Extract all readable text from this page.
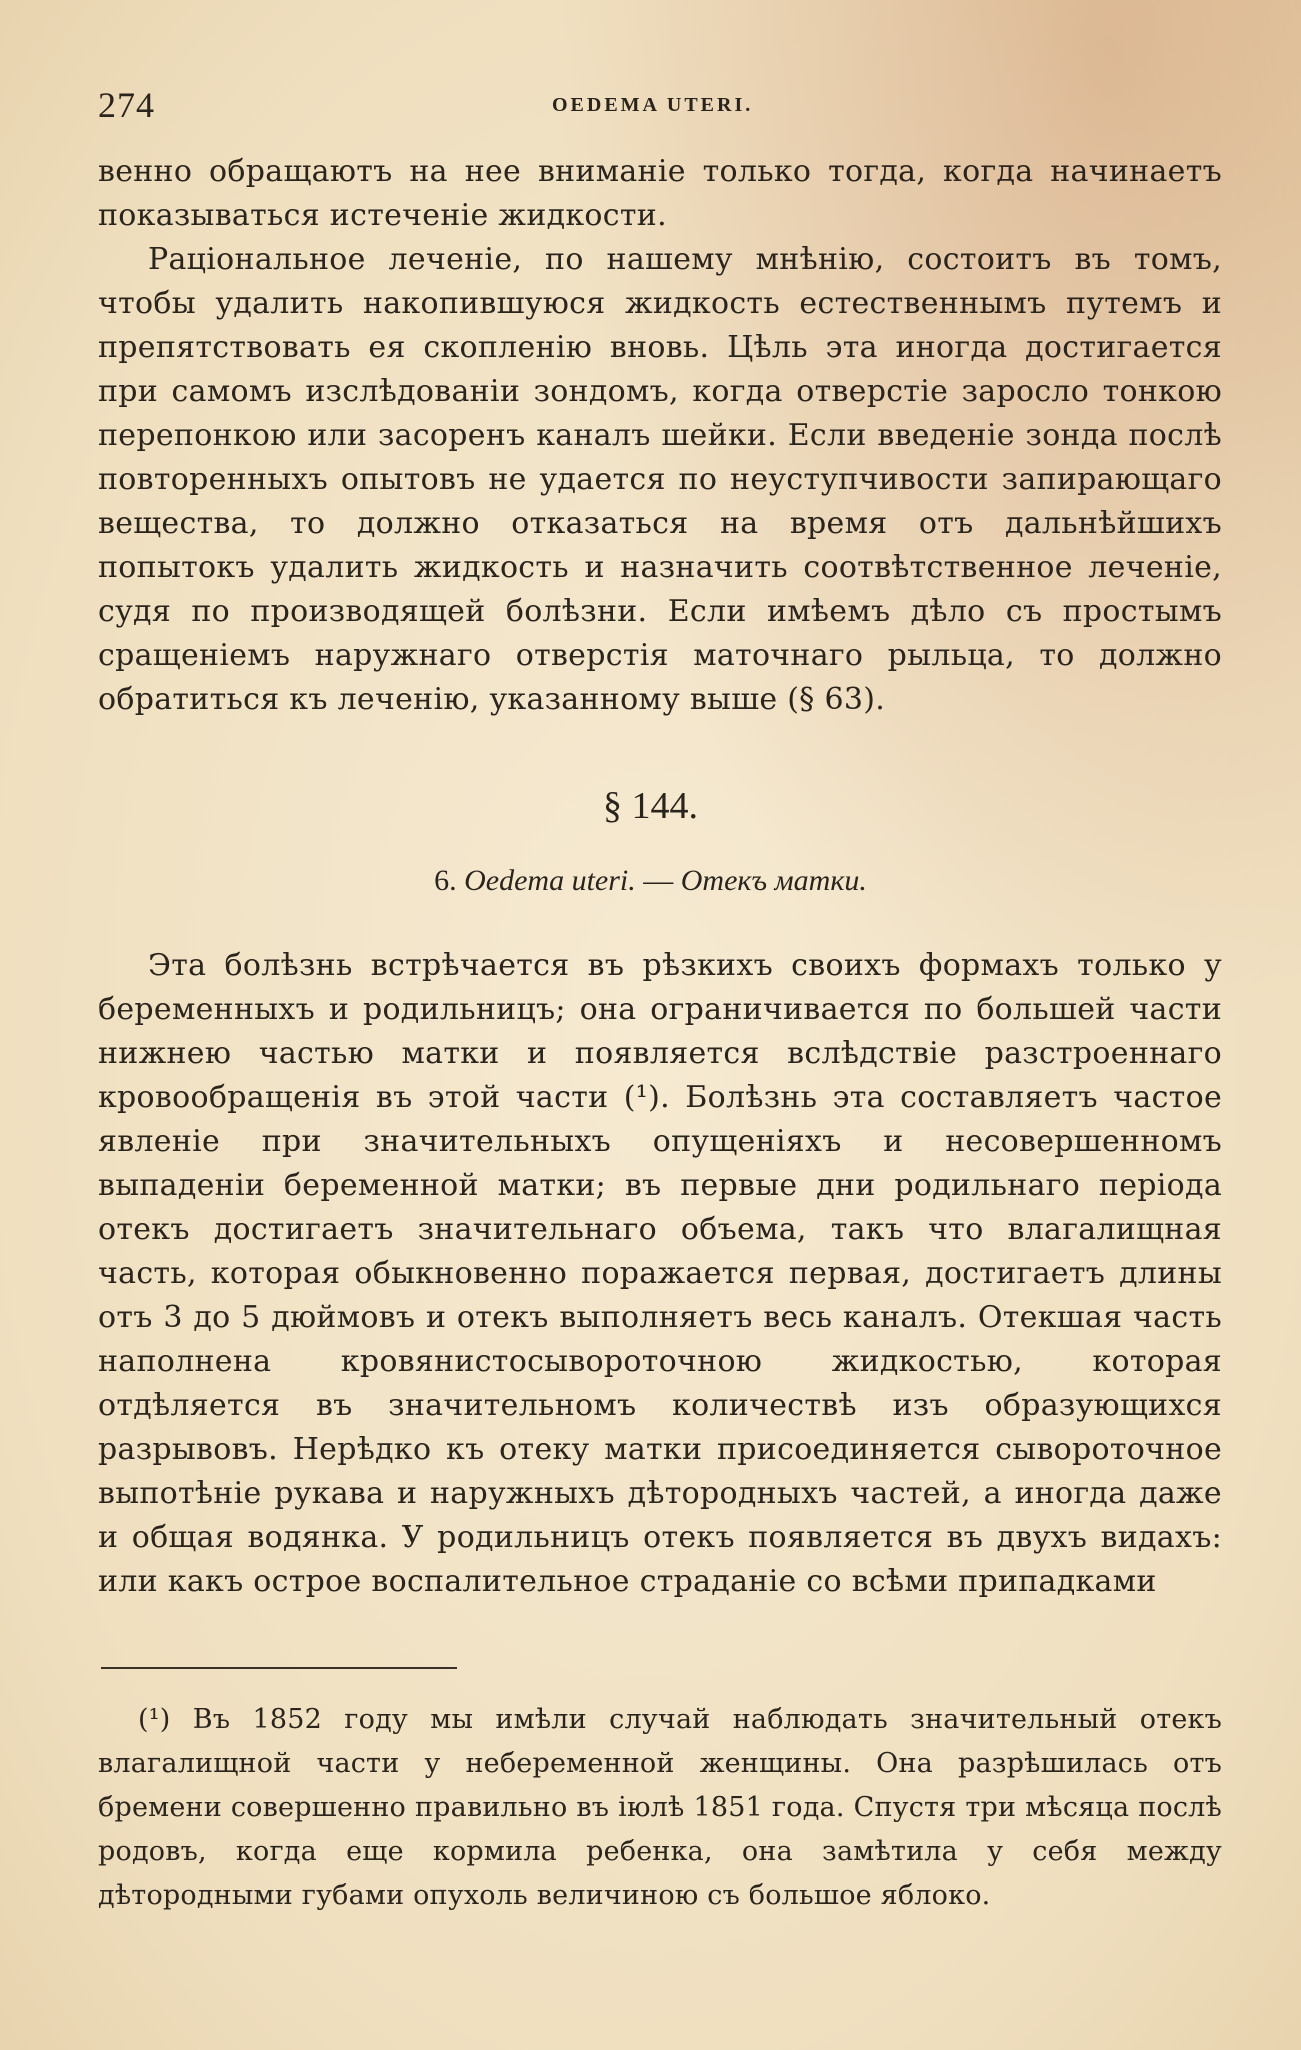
274	OEDEMA UTERI.

венно обращаютъ на нее вниманіе только тогда, когда начинаетъ показываться истеченіе жидкости.

Раціональное леченіе, по нашему мнѣнію, состоитъ въ томъ, чтобы удалить накопившуюся жидкость естественнымъ путемъ и препятствовать ея скопленію вновь. Цѣль эта иногда достигается при самомъ изслѣдованіи зондомъ, когда отверстіе заросло тонкою перепонкою или засоренъ каналъ шейки. Если введеніе зонда послѣ повторенныхъ опытовъ не удается по неуступчивости запирающаго вещества, то должно отказаться на время отъ дальнѣйшихъ попытокъ удалить жидкость и назначить соотвѣтственное леченіе, судя по производящей болѣзни. Если имѣемъ дѣло съ простымъ сращеніемъ наружнаго отверстія маточнаго рыльца, то должно обратиться къ леченію, указанному выше (§ 63).

§ 144.
6. Oedema uteri. — Отекъ матки.

Эта болѣзнь встрѣчается въ рѣзкихъ своихъ формахъ только у беременныхъ и родильницъ; она ограничивается по большей части нижнею частью матки и появляется вслѣдствіе разстроеннаго кровообращенія въ этой части (¹). Болѣзнь эта составляетъ частое явленіе при значительныхъ опущеніяхъ и несовершенномъ выпаденіи беременной матки; въ первые дни родильнаго періода отекъ достигаетъ значительнаго объема, такъ что влагалищная часть, которая обыкновенно поражается первая, достигаетъ длины отъ 3 до 5 дюймовъ и отекъ выполняетъ весь каналъ. Отекшая часть наполнена кровянистосывороточною жидкостью, которая отдѣляется въ значительномъ количествѣ изъ образующихся разрывовъ. Нерѣдко къ отеку матки присоединяется сывороточное выпотѣніе рукава и наружныхъ дѣтородныхъ частей, а иногда даже и общая водянка. У родильницъ отекъ появляется въ двухъ видахъ: или какъ острое воспалительное страданіе со всѣми припадками

(¹) Въ 1852 году мы имѣли случай наблюдать значительный отекъ влагалищной части у небеременной женщины. Она разрѣшилась отъ бремени совершенно правильно въ іюлѣ 1851 года. Спустя три мѣсяца послѣ родовъ, когда еще кормила ребенка, она замѣтила у себя между дѣтородными губами опухоль величиною съ большое яблоко.
